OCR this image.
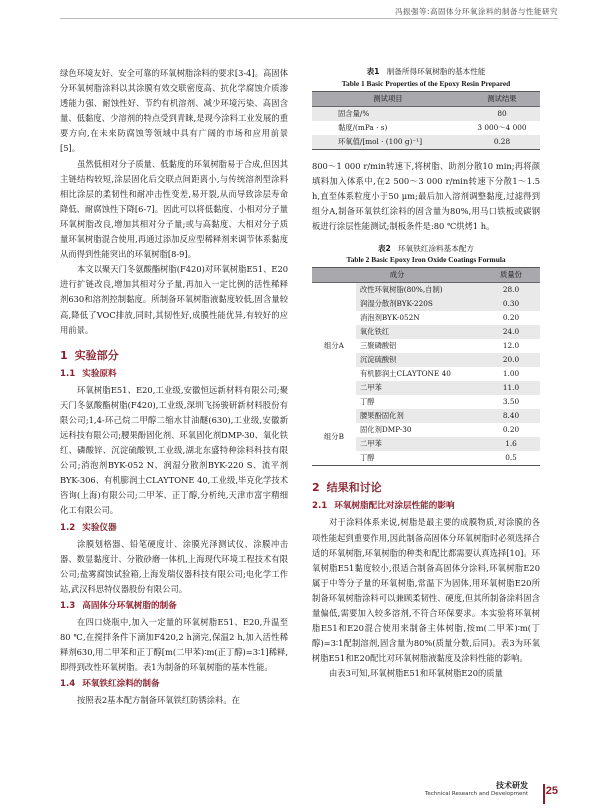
冯振强等:高固体分环氧涂料的制备与性能研究

绿色环境友好、安全可靠的环氧树脂涂料的要求[3-4]。高固体分环氧树脂涂料以其涂膜有效交联密度高、抗化学腐蚀介质渗透能力强、耐蚀性好、节约有机溶剂、减少环境污染、高固含量、低黏度、少溶剂的特点受到青睐,是现今涂料工业发展的重要方向,在未来防腐蚀等领域中具有广阔的市场和应用前景[5]。

虽然低相对分子质量、低黏度的环氧树脂易于合成,但因其主链结构较短,涂层固化后交联点间距离小,与传统溶剂型涂料相比涂层的柔韧性和耐冲击性变差,易开裂,从而导致涂层寿命降低、耐腐蚀性下降[6-7]。因此可以将低黏度、小相对分子量环氧树脂改良,增加其相对分子量;或与高黏度、大相对分子质量环氧树脂混合使用,再通过添加反应型稀释剂来调节体系黏度从而得到性能突出的环氧树脂[8-9]。

本文以聚天门冬氨酸酯树脂(F420)对环氧树脂E51、E20进行扩链改良,增加其相对分子量,再加入一定比例的活性稀释剂630和溶剂控制黏度。所制备环氧树脂液黏度较低,固含量较高,降低了VOC排放,同时,其韧性好,成膜性能优异,有较好的应用前景。

1 实验部分
1.1 实验原料

环氧树脂E51、E20,工业级,安徽恒远新材料有限公司;聚天门冬氨酸酯树脂(F420),工业级,深圳飞扬骏研新材料股份有限公司;1,4-环己烷二甲醇二缩水甘油醚(630),工业级,安徽新远科技有限公司;腰果酚固化剂、环氧固化剂DMP-30、氧化铁红、磷酸锌、沉淀硫酸钡,工业级,湖北东盛特种涂料科技有限公司;消泡剂BYK-052 N、润湿分散剂BYK-220 S、流平剂BYK-306、有机膨润土CLAYTONE 40,工业级,毕克化学技术咨询(上海)有限公司;二甲苯、正丁醇,分析纯,天津市富宇精细化工有限公司。

1.2 实验仪器

涂膜划格器、铅笔硬度计、涂膜光泽测试仪、涂膜冲击器、数显黏度计、分散砂磨一体机,上海现代环境工程技术有限公司;盐雾腐蚀试验箱,上海发瑞仪器科技有限公司;电化学工作站,武汉科思特仪器股份有限公司。

1.3 高固体分环氧树脂的制备

在四口烧瓶中,加入一定量的环氧树脂E51、E20,升温至80 ℃,在搅拌条件下滴加F420,2 h滴完,保温2 h,加入活性稀释剂630,用二甲苯和正丁醇[m(二甲苯)∶m(正丁醇)=3∶1]稀释,即得到改性环氧树脂。表1为制备的环氧树脂的基本性能。

1.4 环氧铁红涂料的制备

按照表2基本配方制备环氧铁红防锈涂料。在

表1 制备所得环氧树脂的基本性能
Table 1 Basic Properties of the Epoxy Resin Prepared
测试项目	测试结果
固含量/%	80
黏度/(mPa · s)	3 000～4 000
环氧值/[mol · (100 g)⁻¹]	0.28

800～1 000 r/min转速下,将树脂、助剂分散10 min;再将颜填料加入体系中,在2 500～3 000 r/min转速下分散1～1.5 h,直至体系粒度小于50 μm;最后加入溶剂调整黏度,过滤得到组分A,制备环氧铁红涂料的固含量为80%,用马口铁板或碳钢板进行涂层性能测试;制板条件是:80 ℃烘烤1 h。

表2 环氧铁红涂料基本配方
Table 2 Basic Epoxy Iron Oxide Coatings Formula
成分		质量份
组分A	改性环氧树脂(80%,自制)	28.0
	润湿分散剂BYK-220S	0.30
	消泡剂BYK-052N	0.20
	氧化铁红	24.0
	三聚磷酸铝	12.0
	沉淀硫酸钡	20.0
	有机膨润土CLAYTONE 40	1.00
	二甲苯	11.0
	丁醇	3.50
组分B	腰果酚固化剂	8.40
	固化剂DMP-30	0.20
	二甲苯	1.6
	丁醇	0.5
2 结果和讨论
2.1 环氧树脂配比对涂层性能的影响

对于涂料体系来说,树脂是最主要的成膜物质,对涂膜的各项性能起到重要作用,因此制备高固体分环氧树脂时必须选择合适的环氧树脂,环氧树脂的种类和配比都需要认真选择[10]。环氧树脂E51黏度较小,很适合制备高固体分涂料,环氧树脂E20属于中等分子量的环氧树脂,常温下为固体,用环氧树脂E20所制备环氧树脂涂料可以兼顾柔韧性、硬度,但其所制备涂料固含量偏低,需要加入较多溶剂,不符合环保要求。本实验将环氧树脂E51和E20混合使用来制备主体树脂,按m(二甲苯)∶m(丁醇)=3∶1配制溶剂,固含量为80%(质量分数,后同)。表3为环氧树脂E51和E20配比对环氧树脂液黏度及涂料性能的影响。

由表3可知,环氧树脂E51和环氧树脂E20的质量

技术研发
Technical Research and Development 25
